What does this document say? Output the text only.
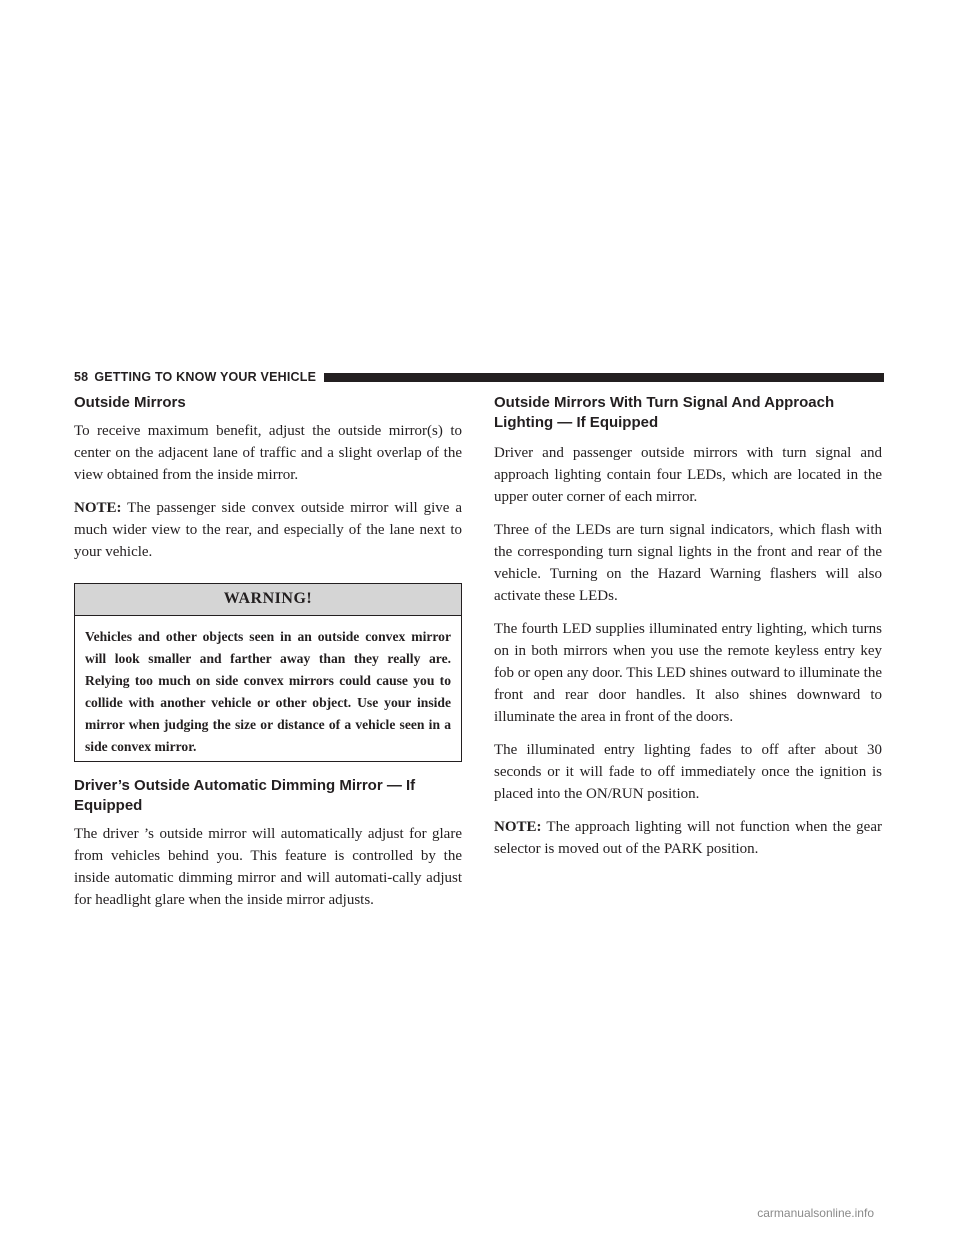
58 GETTING TO KNOW YOUR VEHICLE
Outside Mirrors

To receive maximum benefit, adjust the outside mirror(s) to center on the adjacent lane of traffic and a slight overlap of the view obtained from the inside mirror.

NOTE: The passenger side convex outside mirror will give a much wider view to the rear, and especially of the lane next to your vehicle.

WARNING!

Vehicles and other objects seen in an outside convex mirror will look smaller and farther away than they really are. Relying too much on side convex mirrors could cause you to collide with another vehicle or other object. Use your inside mirror when judging the size or distance of a vehicle seen in a side convex mirror.

Driver’s Outside Automatic Dimming Mirror — If Equipped

The driver ’s outside mirror will automatically adjust for glare from vehicles behind you. This feature is controlled by the inside automatic dimming mirror and will automati-cally adjust for headlight glare when the inside mirror adjusts.

Outside Mirrors With Turn Signal And Approach Lighting — If Equipped

Driver and passenger outside mirrors with turn signal and approach lighting contain four LEDs, which are located in the upper outer corner of each mirror.

Three of the LEDs are turn signal indicators, which flash with the corresponding turn signal lights in the front and rear of the vehicle. Turning on the Hazard Warning flashers will also activate these LEDs.

The fourth LED supplies illuminated entry lighting, which turns on in both mirrors when you use the remote keyless entry key fob or open any door. This LED shines outward to illuminate the front and rear door handles. It also shines downward to illuminate the area in front of the doors.

The illuminated entry lighting fades to off after about 30 seconds or it will fade to off immediately once the ignition is placed into the ON/RUN position.

NOTE: The approach lighting will not function when the gear selector is moved out of the PARK position.

carmanualsonline.info
